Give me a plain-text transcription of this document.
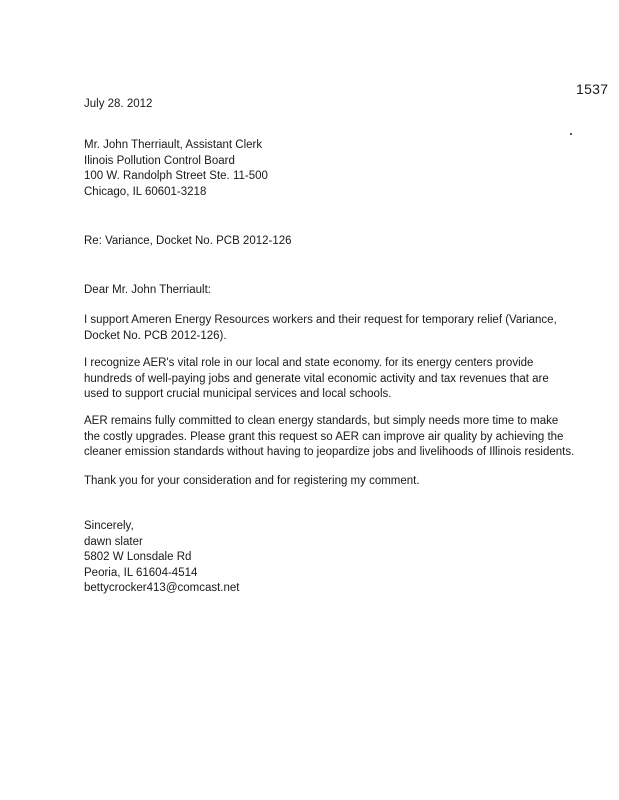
1537
July 28. 2012
Mr. John Therriault, Assistant Clerk
Ilinois Pollution Control Board
100 W. Randolph Street Ste. 11-500
Chicago, IL 60601-3218
Re: Variance, Docket No. PCB 2012-126
Dear Mr. John Therriault:
I support Ameren Energy Resources workers and their request for temporary relief (Variance,
Docket No. PCB 2012-126).
I recognize AER's vital role in our local and state economy. for its energy centers provide
hundreds of well-paying jobs and generate vital economic activity and tax revenues that are
used to support crucial municipal services and local schools.
AER remains fully committed to clean energy standards, but simply needs more time to make
the costly upgrades. Please grant this request so AER can improve air quality by achieving the
cleaner emission standards without having to jeopardize jobs and livelihoods of Illinois residents.
Thank you for your consideration and for registering my comment.
Sincerely,
dawn slater
5802 W Lonsdale Rd
Peoria, IL 61604-4514
bettycrocker413@comcast.net
